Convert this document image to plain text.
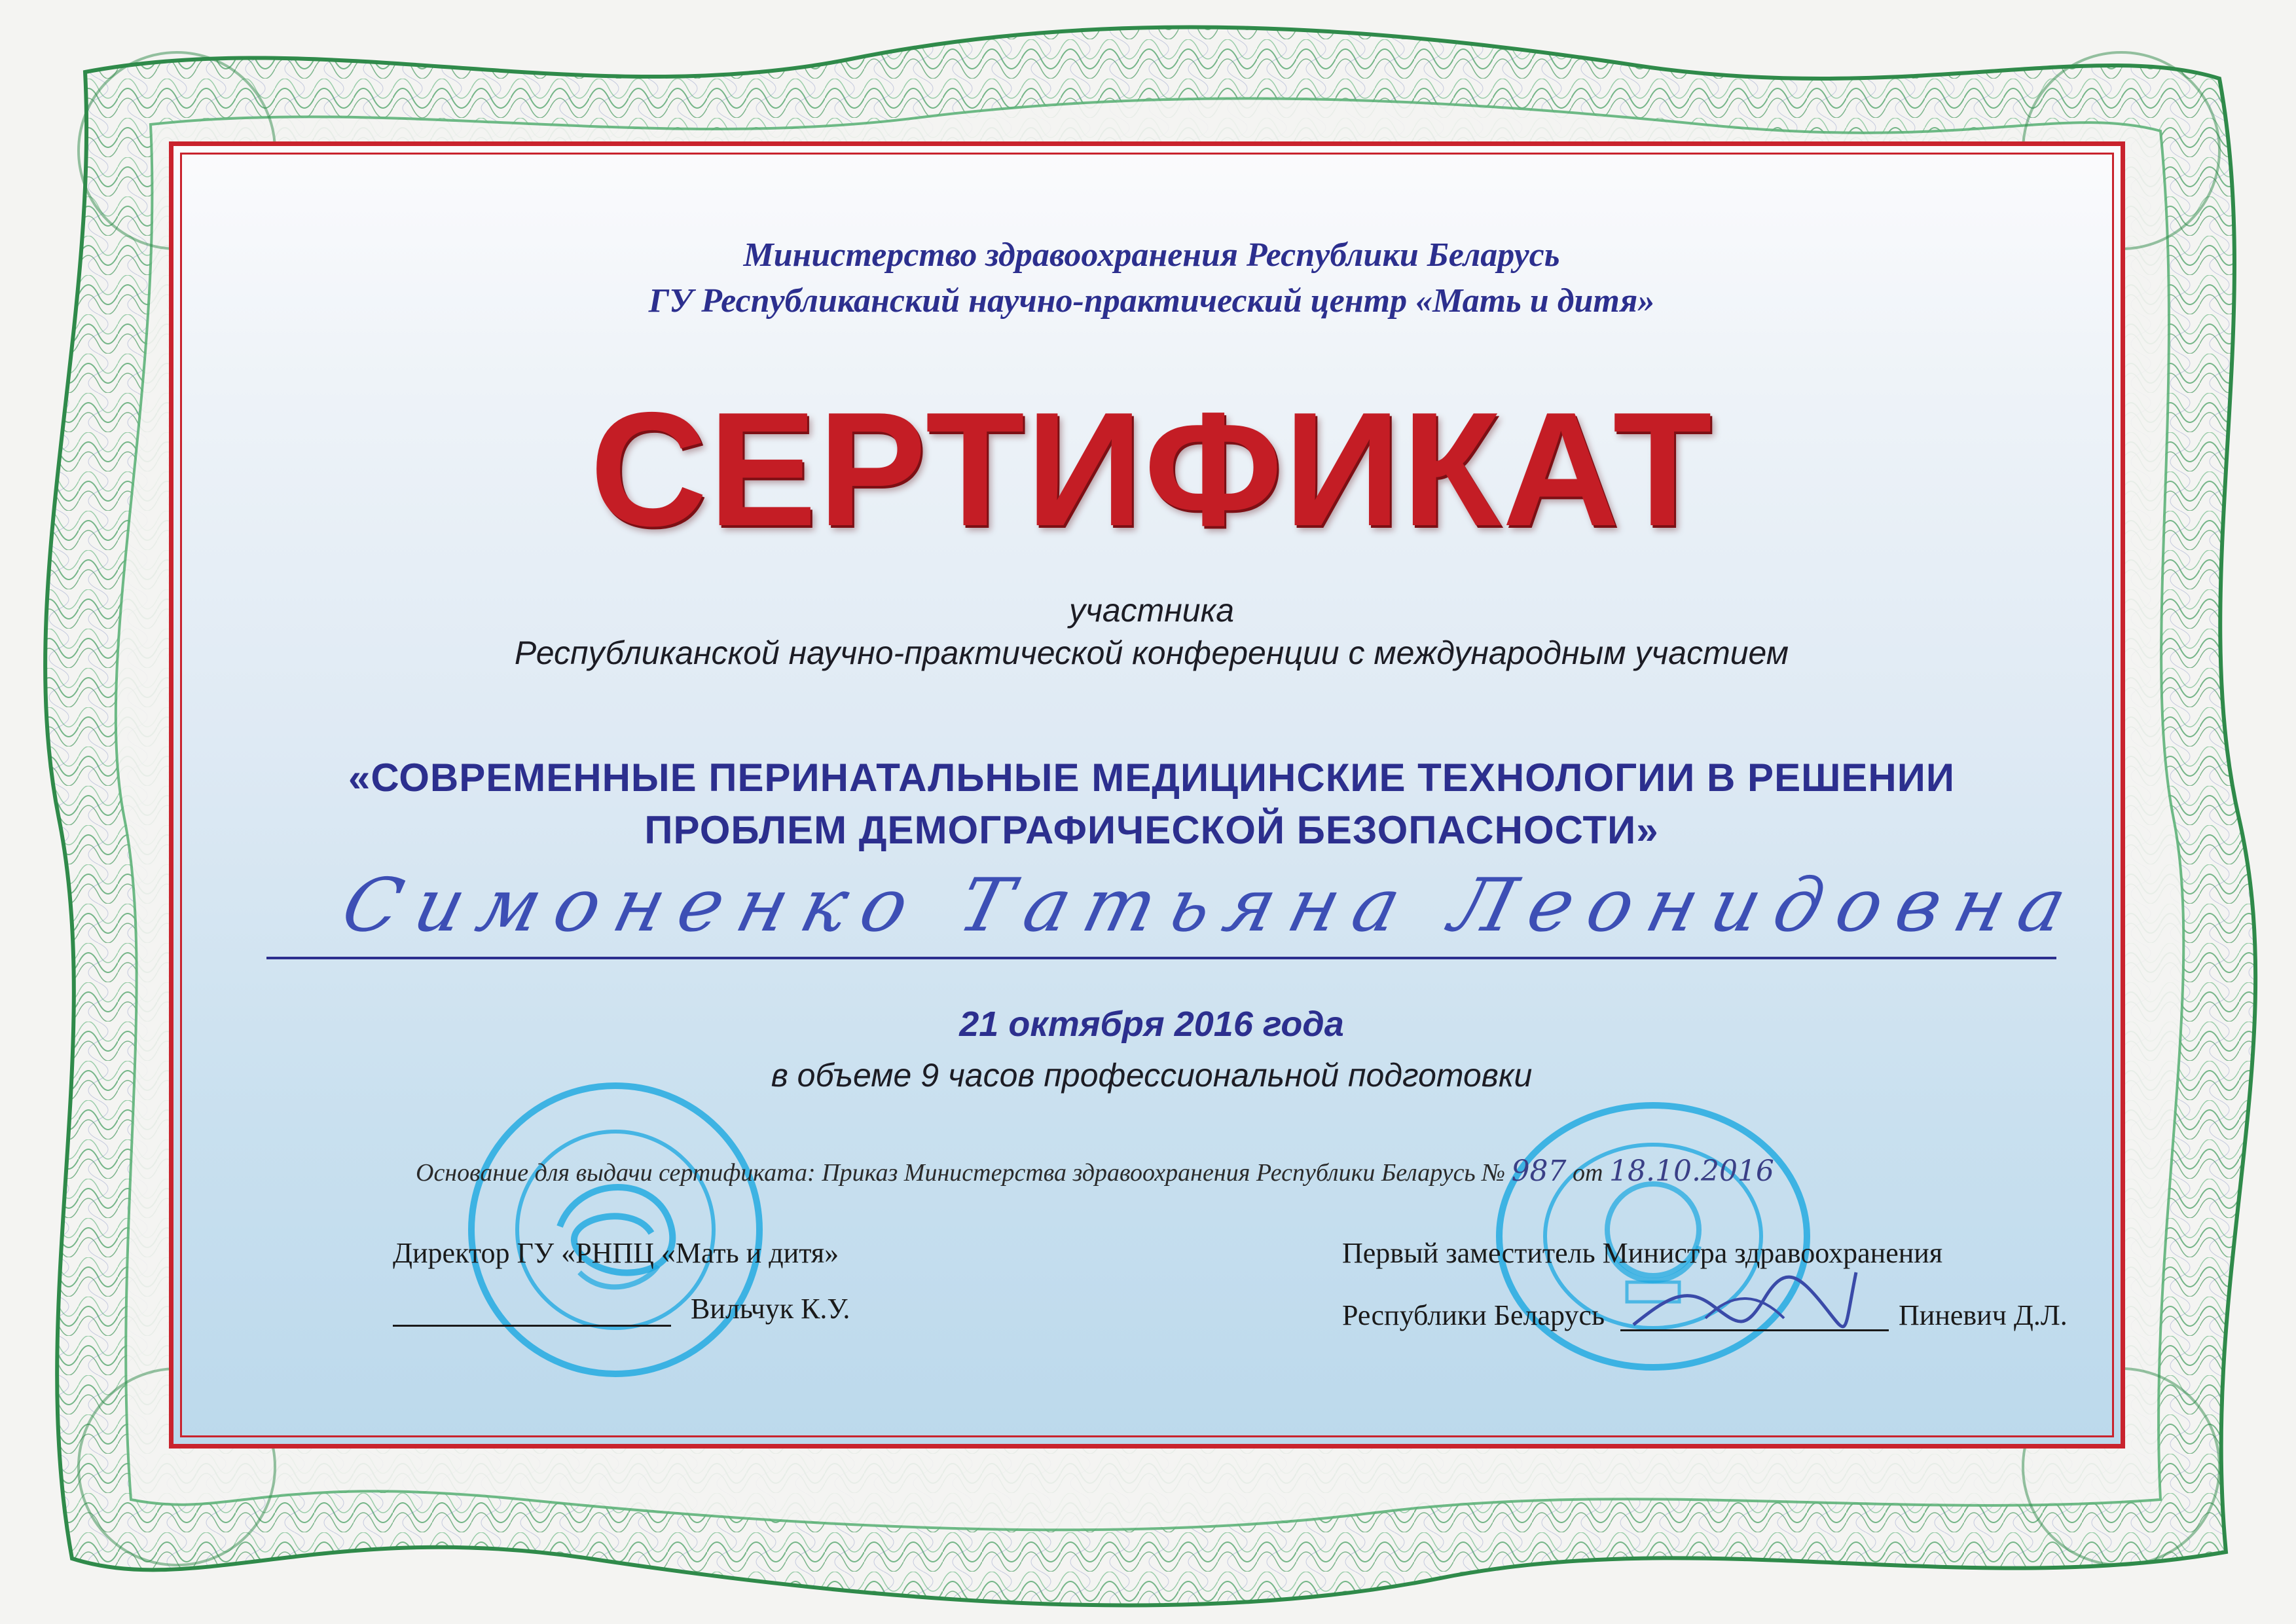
Министерство здравоохранения Республики Беларусь
ГУ Республиканский научно-практический центр «Мать и дитя»
СЕРТИФИКАТ
участника
Республиканской научно-практической конференции с международным участием
«СОВРЕМЕННЫЕ ПЕРИНАТАЛЬНЫЕ МЕДИЦИНСКИЕ ТЕХНОЛОГИИ В РЕШЕНИИ
ПРОБЛЕМ ДЕМОГРАФИЧЕСКОЙ БЕЗОПАСНОСТИ»
Симоненко Татьяна Леонидовна
21 октября 2016 года
в объеме 9 часов профессиональной подготовки
Основание для выдачи сертификата: Приказ Министерства здравоохранения Республики Беларусь № 987 от 18.10.2016
Директор ГУ «РНПЦ «Мать и дитя»
Вильчук К.У.
Первый заместитель Министра здравоохранения
Республики Беларусь	Пиневич Д.Л.
